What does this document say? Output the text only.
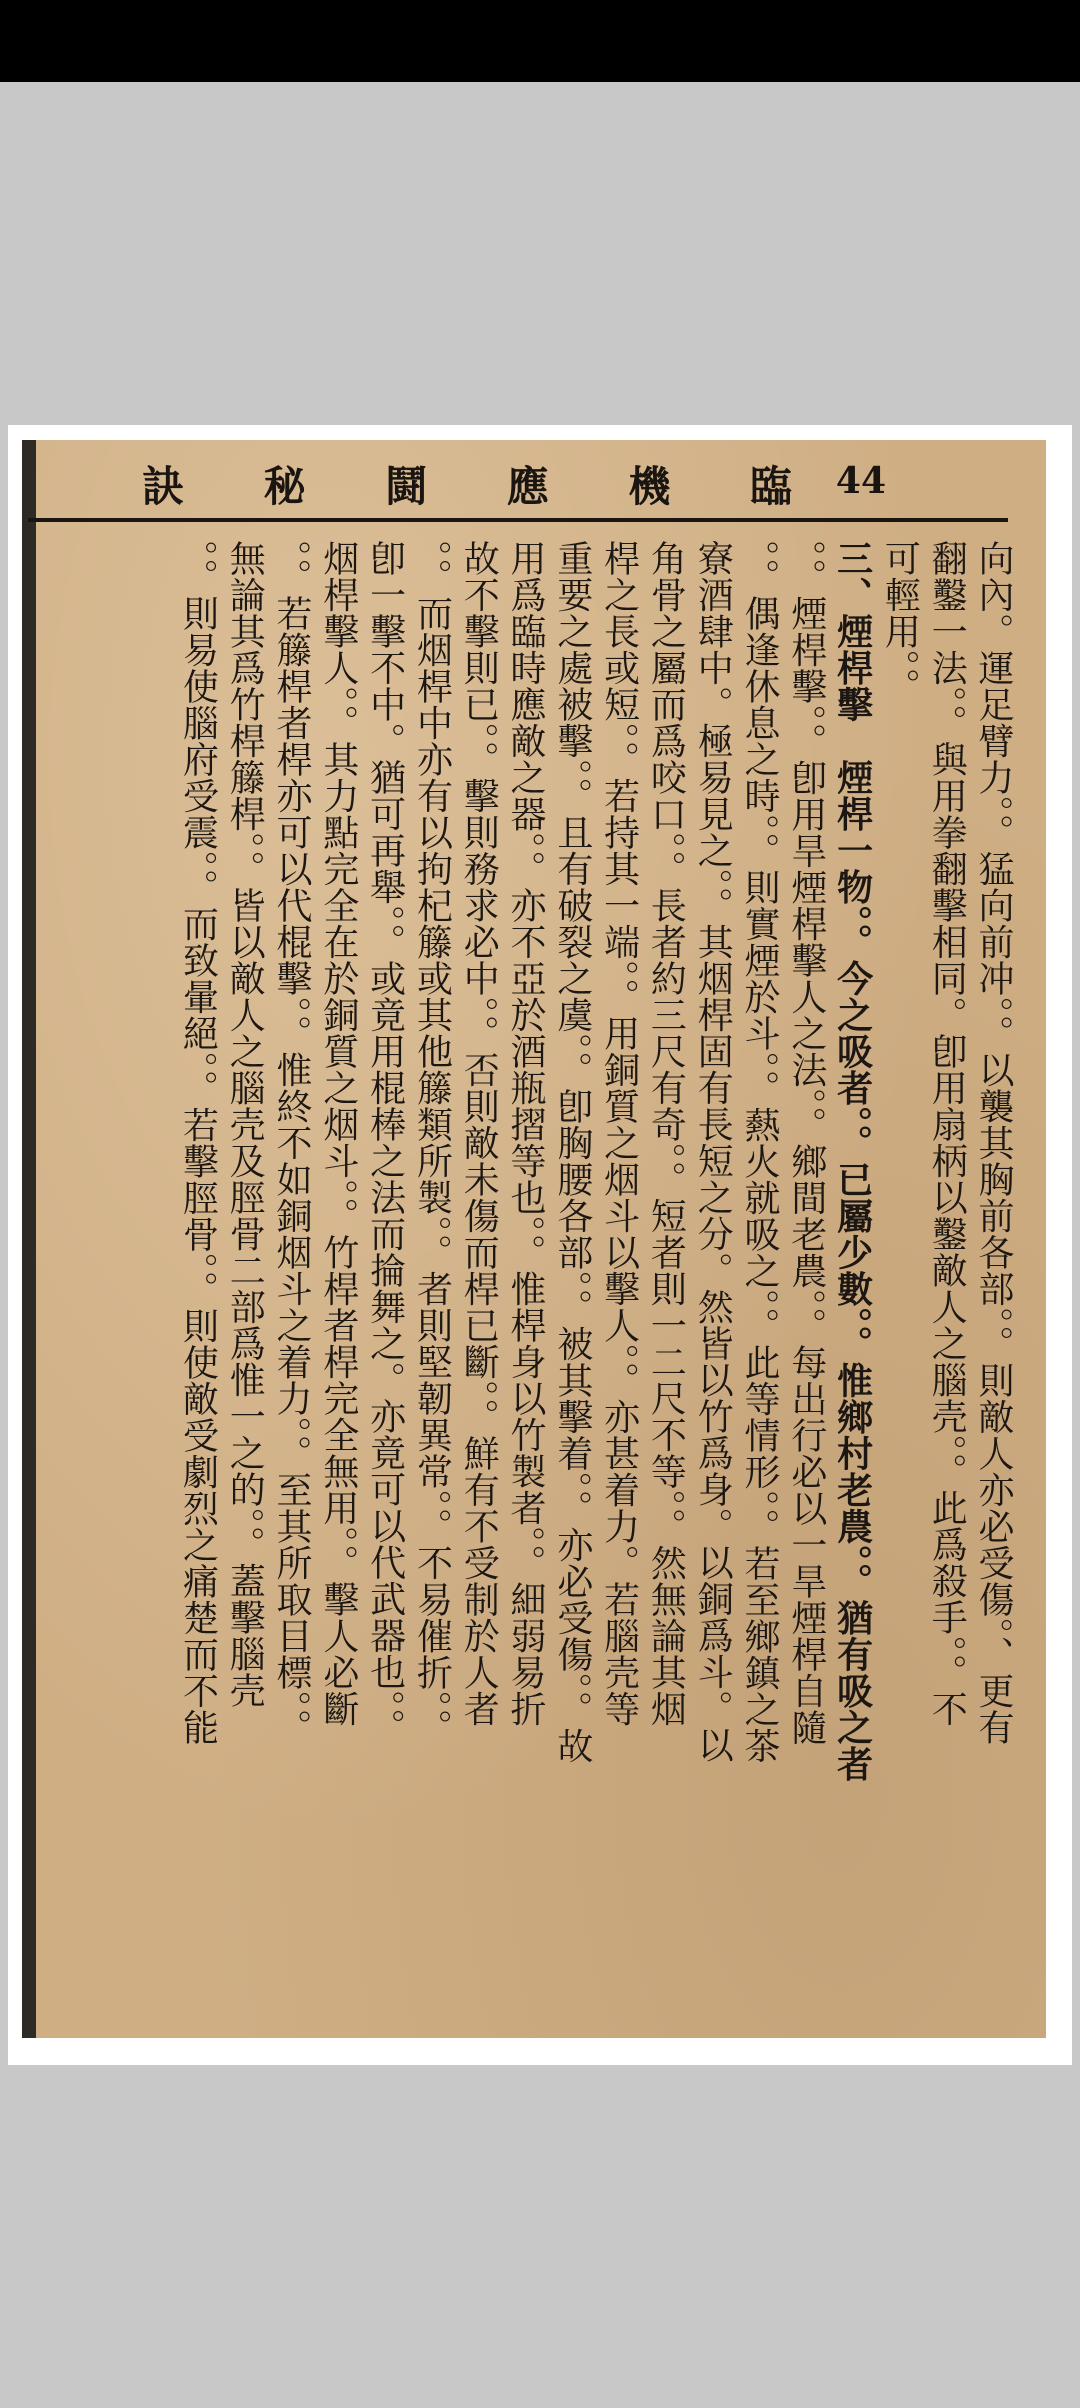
臨
機
應
鬪
秘
訣	44
向內。運足臂力。。猛向前冲。。以襲其胸前各部。。則敵人亦必受傷。、更有
翻鑿一法。。與用拳翻擊相同。卽用扇柄以鑿敵人之腦壳。。此爲殺手。。不
可輕用。。
三、煙桿擊　煙桿一物。。今之吸者。。已屬少數。。惟鄉村老農。。猶有吸之者
。。煙桿擊。。卽用旱煙桿擊人之法。。鄉間老農。。每出行必以一旱煙桿自隨
。。偶逢休息之時。。則實煙於斗。。爇火就吸之。。此等情形。。若至鄉鎮之茶
寮酒肆中。極易見之。。其烟桿固有長短之分。然皆以竹爲身。以銅爲斗。以
角骨之屬而爲咬口。。長者約三尺有奇。。短者則一二尺不等。。然無論其烟
桿之長或短。。若持其一端。。用銅質之烟斗以擊人。。亦甚着力。若腦壳等
重要之處被擊。。且有破裂之虞。。卽胸腰各部。。被其擊着。。亦必受傷。。故
用爲臨時應敵之器。。亦不亞於酒瓶摺等也。。惟桿身以竹製者。。細弱易折
故不擊則已。。擊則務求必中。。否則敵未傷而桿已斷。。鮮有不受制於人者
。。而烟桿中亦有以拘杞籐或其他籐類所製。。者則堅韌異常。。不易催折。。
卽一擊不中。猶可再舉。。或竟用棍棒之法而掄舞之。亦竟可以代武器也。。
烟桿擊人。。其力點完全在於銅質之烟斗。。竹桿者桿完全無用。。擊人必斷
。。若籐桿者桿亦可以代棍擊。。惟終不如銅烟斗之着力。。至其所取目標。。
無論其爲竹桿籐桿。。皆以敵人之腦壳及脛骨二部爲惟一之的。。蓋擊腦壳
。。則易使腦府受震。。而致暈絕。。若擊脛骨。。則使敵受劇烈之痛楚而不能
